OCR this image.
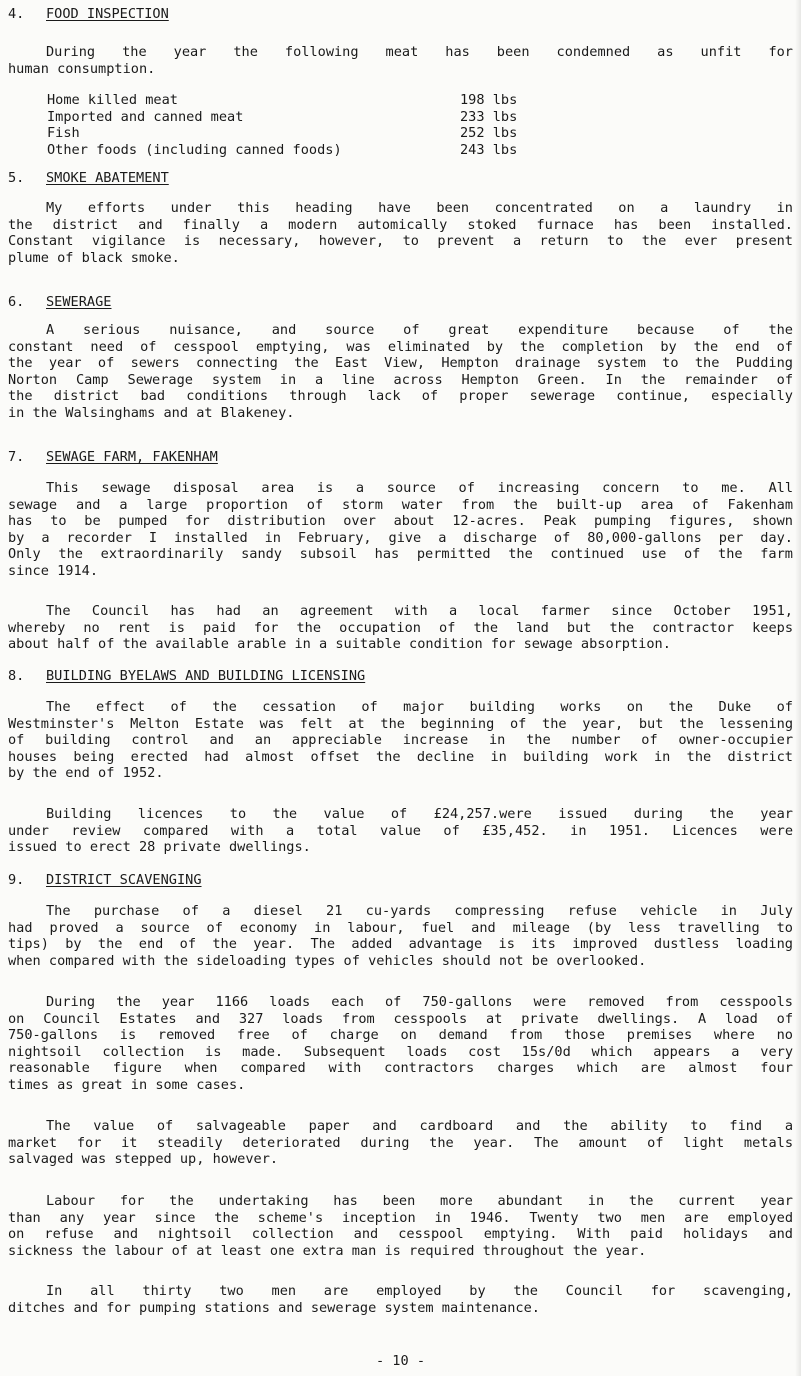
4. FOOD INSPECTION
During the year the following meat has been condemned as unfit for
human consumption.
Home killed meat	198 lbs
Imported and canned meat	233 lbs
Fish	252 lbs
Other foods (including canned foods)	243 lbs
5. SMOKE ABATEMENT
My efforts under this heading have been concentrated on a laundry in
the district and finally a modern automically stoked furnace has been installed.
Constant vigilance is necessary, however, to prevent a return to the ever present
plume of black smoke.
6. SEWERAGE
A serious nuisance, and source of great expenditure because of the
constant need of cesspool emptying, was eliminated by the completion by the end of
the year of sewers connecting the East View, Hempton drainage system to the Pudding
Norton Camp Sewerage system in a line across Hempton Green. In the remainder of
the district bad conditions through lack of proper sewerage continue, especially
in the Walsinghams and at Blakeney.
7. SEWAGE FARM, FAKENHAM
This sewage disposal area is a source of increasing concern to me. All
sewage and a large proportion of storm water from the built-up area of Fakenham
has to be pumped for distribution over about 12-acres. Peak pumping figures, shown
by a recorder I installed in February, give a discharge of 80,000-gallons per day.
Only the extraordinarily sandy subsoil has permitted the continued use of the farm
since 1914.
The Council has had an agreement with a local farmer since October 1951,
whereby no rent is paid for the occupation of the land but the contractor keeps
about half of the available arable in a suitable condition for sewage absorption.
8. BUILDING BYELAWS AND BUILDING LICENSING
The effect of the cessation of major building works on the Duke of
Westminster's Melton Estate was felt at the beginning of the year, but the lessening
of building control and an appreciable increase in the number of owner-occupier
houses being erected had almost offset the decline in building work in the district
by the end of 1952.
Building licences to the value of £24,257.were issued during the year
under review compared with a total value of £35,452. in 1951. Licences were
issued to erect 28 private dwellings.
9. DISTRICT SCAVENGING
The purchase of a diesel 21 cu-yards compressing refuse vehicle in July
had proved a source of economy in labour, fuel and mileage (by less travelling to
tips) by the end of the year. The added advantage is its improved dustless loading
when compared with the sideloading types of vehicles should not be overlooked.
During the year 1166 loads each of 750-gallons were removed from cesspools
on Council Estates and 327 loads from cesspools at private dwellings. A load of
750-gallons is removed free of charge on demand from those premises where no
nightsoil collection is made. Subsequent loads cost 15s/0d which appears a very
reasonable figure when compared with contractors charges which are almost four
times as great in some cases.
The value of salvageable paper and cardboard and the ability to find a
market for it steadily deteriorated during the year. The amount of light metals
salvaged was stepped up, however.
Labour for the undertaking has been more abundant in the current year
than any year since the scheme's inception in 1946. Twenty two men are employed
on refuse and nightsoil collection and cesspool emptying. With paid holidays and
sickness the labour of at least one extra man is required throughout the year.
In all thirty two men are employed by the Council for scavenging,
ditches and for pumping stations and sewerage system maintenance.
- 10 -
